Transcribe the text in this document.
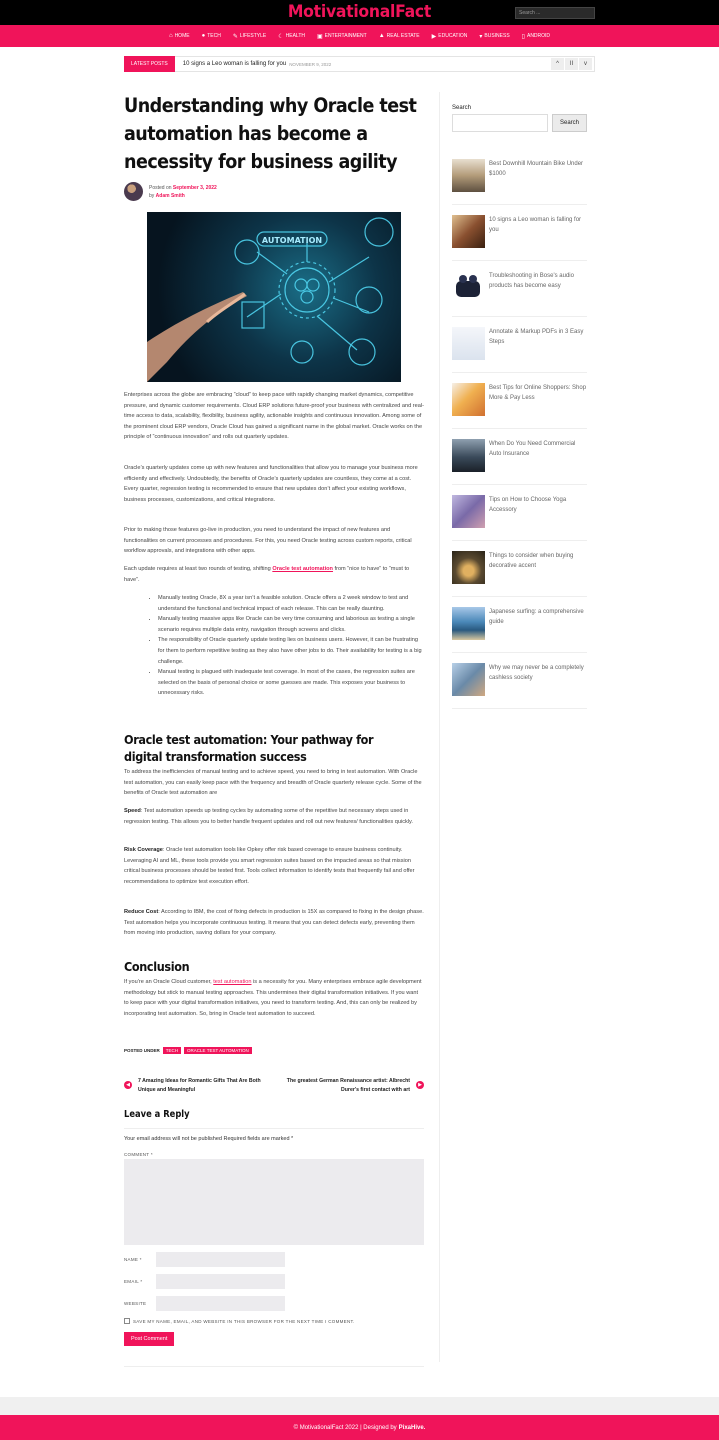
MotivationalFact	Search ...
⌂ HOME ● TECH ✎ LIFESTYLE ☾ HEALTH ▣ ENTERTAINMENT ▲ REAL ESTATE ▶ EDUCATION ▾ BUSINESS ▯ ANDROID
LATEST POSTS	10 signs a Leo woman is falling for you NOVEMBER 9, 2022	^	II	v
Understanding why Oracle test automation has become a necessity for business agility
Posted on September 3, 2022
by Adam Smith
AUTOMATION

Enterprises across the globe are embracing “cloud” to keep pace with rapidly changing market dynamics, competitive pressure, and dynamic customer requirements. Cloud ERP solutions future-proof your business with centralized and real-time access to data, scalability, flexibility, business agility, actionable insights and continuous innovation. Among some of the prominent cloud ERP vendors, Oracle Cloud has gained a significant name in the global market. Oracle works on the principle of “continuous innovation” and rolls out quarterly updates.

Oracle’s quarterly updates come up with new features and functionalities that allow you to manage your business more efficiently and effectively. Undoubtedly, the benefits of Oracle’s quarterly updates are countless, they come at a cost. Every quarter, regression testing is recommended to ensure that new updates don’t affect your existing workflows, business processes, customizations, and critical integrations.

Prior to making those features go-live in production, you need to understand the impact of new features and functionalities on current processes and procedures. For this, you need Oracle testing across custom reports, critical workflow approvals, and integrations with other apps.

Each update requires at least two rounds of testing, shifting Oracle test automation from “nice to have” to “must to have”.

• Manually testing Oracle, 8X a year isn’t a feasible solution. Oracle offers a 2 week window to test and understand the functional and technical impact of each release. This can be really daunting.
• Manually testing massive apps like Oracle can be very time consuming and laborious as testing a single scenario requires multiple data entry, navigation through screens and clicks.
• The responsibility of Oracle quarterly update testing lies on business users. However, it can be frustrating for them to perform repetitive testing as they also have other jobs to do. Their availability for testing is a big challenge.
• Manual testing is plagued with inadequate test coverage. In most of the cases, the regression suites are selected on the basis of personal choice or some guesses are made. This exposes your business to unnecessary risks.
Oracle test automation: Your pathway for digital transformation success

To address the inefficiencies of manual testing and to achieve speed, you need to bring in test automation. With Oracle test automation, you can easily keep pace with the frequency and breadth of Oracle quarterly release cycle. Some of the benefits of Oracle test automation are

Speed: Test automation speeds up testing cycles by automating some of the repetitive but necessary steps used in regression testing. This allows you to better handle frequent updates and roll out new features/ functionalities quickly.

Risk Coverage: Oracle test automation tools like Opkey offer risk based coverage to ensure business continuity. Leveraging AI and ML, these tools provide you smart regression suites based on the impacted areas so that mission critical business processes should be tested first. Tools collect information to identify tests that frequently fail and offer recommendations to optimize test execution effort.

Reduce Cost: According to IBM, the cost of fixing defects in production is 15X as compared to fixing in the design phase. Test automation helps you incorporate continuous testing. It means that you can detect defects early, preventing them from moving into production, saving dollars for your company.

Conclusion

If you’re an Oracle Cloud customer, test automation is a necessity for you. Many enterprises embrace agile development methodology but stick to manual testing approaches. This undermines their digital transformation initiatives. If you want to keep pace with your digital transformation initiatives, you need to transform testing. And, this can only be realized by incorporating test automation. So, bring in Oracle test automation to succeed.

POSTED UNDER	TECH	ORACLE TEST AUTOMATION
◀
7 Amazing Ideas for Romantic Gifts That Are Both Unique and Meaningful
The greatest German Renaissance artist: Albrecht Durer's first contact with art
▶
Leave a Reply
Your email address will not be published Required fields are marked *
COMMENT *
NAME *
EMAIL *
WEBSITE
SAVE MY NAME, EMAIL, AND WEBSITE IN THIS BROWSER FOR THE NEXT TIME I COMMENT.
Post Comment
Search
Search
Best Downhill Mountain Bike Under $1000
10 signs a Leo woman is falling for you
Troubleshooting in Bose's audio products has become easy
Annotate & Markup PDFs in 3 Easy Steps
Best Tips for Online Shoppers: Shop More & Pay Less
When Do You Need Commercial Auto Insurance
Tips on How to Choose Yoga Accessory
Things to consider when buying decorative accent
Japanese surfing: a comprehensive guide
Why we may never be a completely cashless society
© MotivationalFact 2022 | Designed by PixaHive.
